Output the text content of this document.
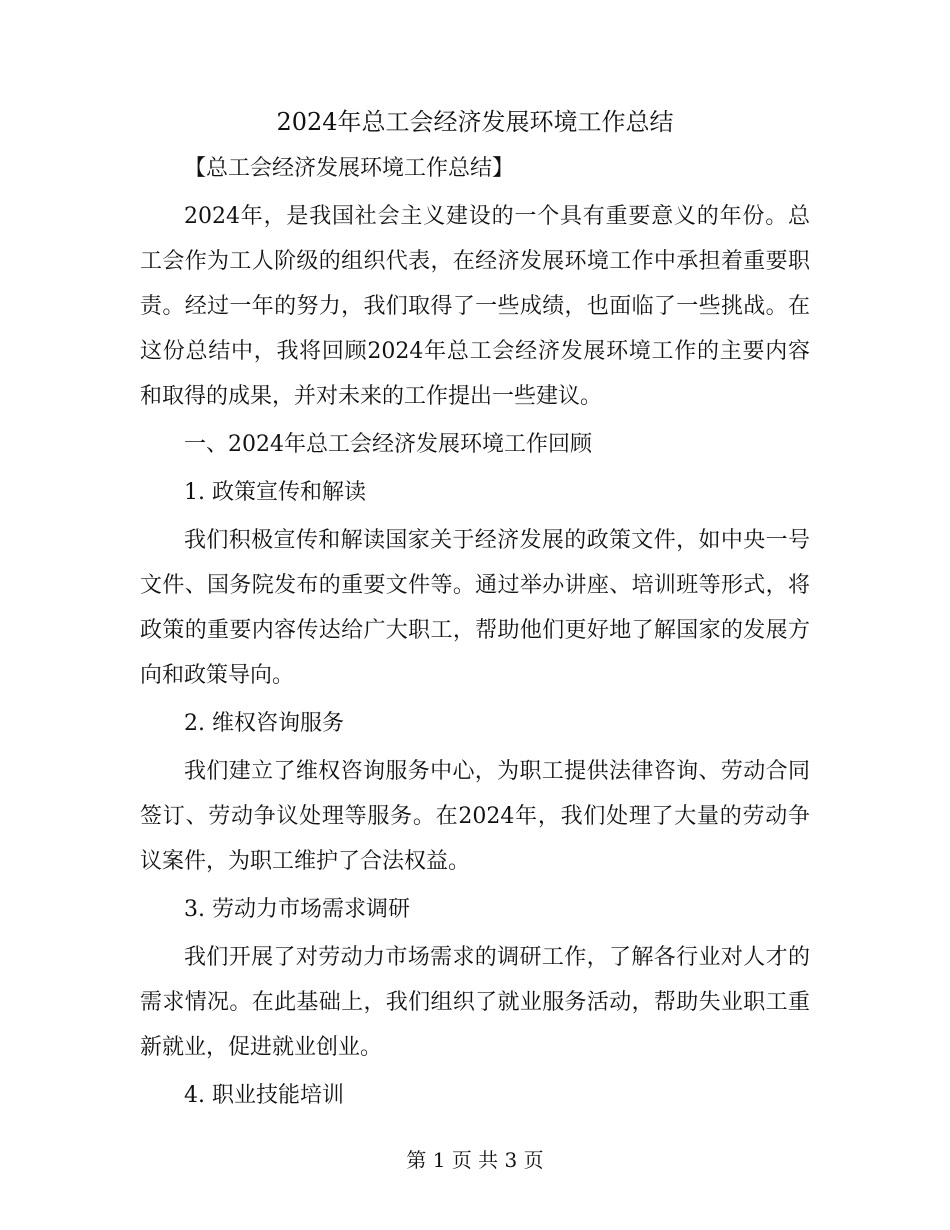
2024年总工会经济发展环境工作总结

【总工会经济发展环境工作总结】

2024年，是我国社会主义建设的一个具有重要意义的年份。总工会作为工人阶级的组织代表，在经济发展环境工作中承担着重要职责。经过一年的努力，我们取得了一些成绩，也面临了一些挑战。在这份总结中，我将回顾2024年总工会经济发展环境工作的主要内容和取得的成果，并对未来的工作提出一些建议。

一、2024年总工会经济发展环境工作回顾

1. 政策宣传和解读

我们积极宣传和解读国家关于经济发展的政策文件，如中央一号文件、国务院发布的重要文件等。通过举办讲座、培训班等形式，将政策的重要内容传达给广大职工，帮助他们更好地了解国家的发展方向和政策导向。

2. 维权咨询服务

我们建立了维权咨询服务中心，为职工提供法律咨询、劳动合同签订、劳动争议处理等服务。在2024年，我们处理了大量的劳动争议案件，为职工维护了合法权益。

3. 劳动力市场需求调研

我们开展了对劳动力市场需求的调研工作，了解各行业对人才的需求情况。在此基础上，我们组织了就业服务活动，帮助失业职工重新就业，促进就业创业。

4. 职业技能培训

第 1 页 共 3 页
